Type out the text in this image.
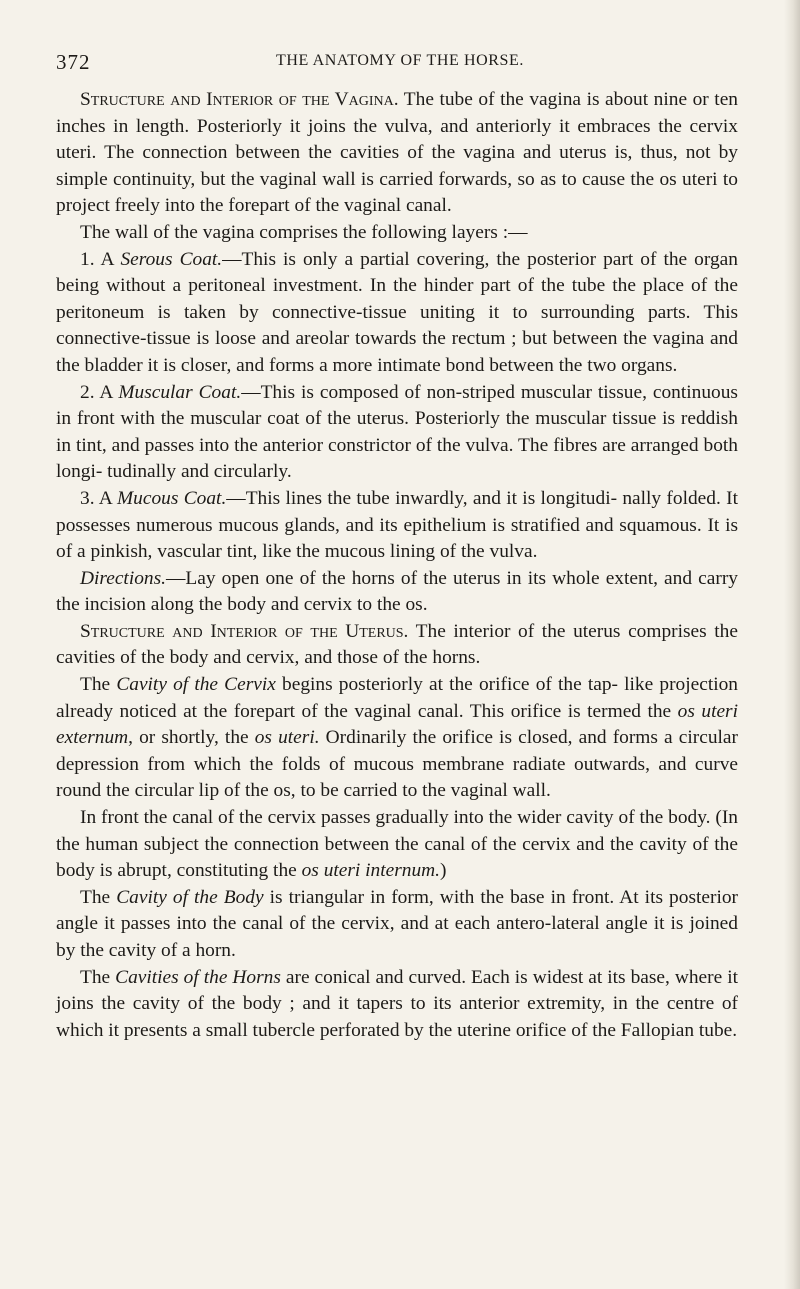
372	THE ANATOMY OF THE HORSE.

Structure and Interior of the Vagina. The tube of the vagina is about nine or ten inches in length. Posteriorly it joins the vulva, and anteriorly it embraces the cervix uteri. The connection between the cavities of the vagina and uterus is, thus, not by simple continuity, but the vaginal wall is carried forwards, so as to cause the os uteri to project freely into the forepart of the vaginal canal.

The wall of the vagina comprises the following layers :—

1. A Serous Coat.—This is only a partial covering, the posterior part of the organ being without a peritoneal investment. In the hinder part of the tube the place of the peritoneum is taken by connective-tissue uniting it to surrounding parts. This connective-tissue is loose and areolar towards the rectum ; but between the vagina and the bladder it is closer, and forms a more intimate bond between the two organs.

2. A Muscular Coat.—This is composed of non-striped muscular tissue, continuous in front with the muscular coat of the uterus. Posteriorly the muscular tissue is reddish in tint, and passes into the anterior constrictor of the vulva. The fibres are arranged both longi- tudinally and circularly.

3. A Mucous Coat.—This lines the tube inwardly, and it is longitudi- nally folded. It possesses numerous mucous glands, and its epithelium is stratified and squamous. It is of a pinkish, vascular tint, like the mucous lining of the vulva.

Directions.—Lay open one of the horns of the uterus in its whole extent, and carry the incision along the body and cervix to the os.

Structure and Interior of the Uterus. The interior of the uterus comprises the cavities of the body and cervix, and those of the horns.

The Cavity of the Cervix begins posteriorly at the orifice of the tap- like projection already noticed at the forepart of the vaginal canal. This orifice is termed the os uteri externum, or shortly, the os uteri. Ordinarily the orifice is closed, and forms a circular depression from which the folds of mucous membrane radiate outwards, and curve round the circular lip of the os, to be carried to the vaginal wall.

In front the canal of the cervix passes gradually into the wider cavity of the body. (In the human subject the connection between the canal of the cervix and the cavity of the body is abrupt, constituting the os uteri internum.)

The Cavity of the Body is triangular in form, with the base in front. At its posterior angle it passes into the canal of the cervix, and at each antero-lateral angle it is joined by the cavity of a horn.

The Cavities of the Horns are conical and curved. Each is widest at its base, where it joins the cavity of the body ; and it tapers to its anterior extremity, in the centre of which it presents a small tubercle perforated by the uterine orifice of the Fallopian tube.
